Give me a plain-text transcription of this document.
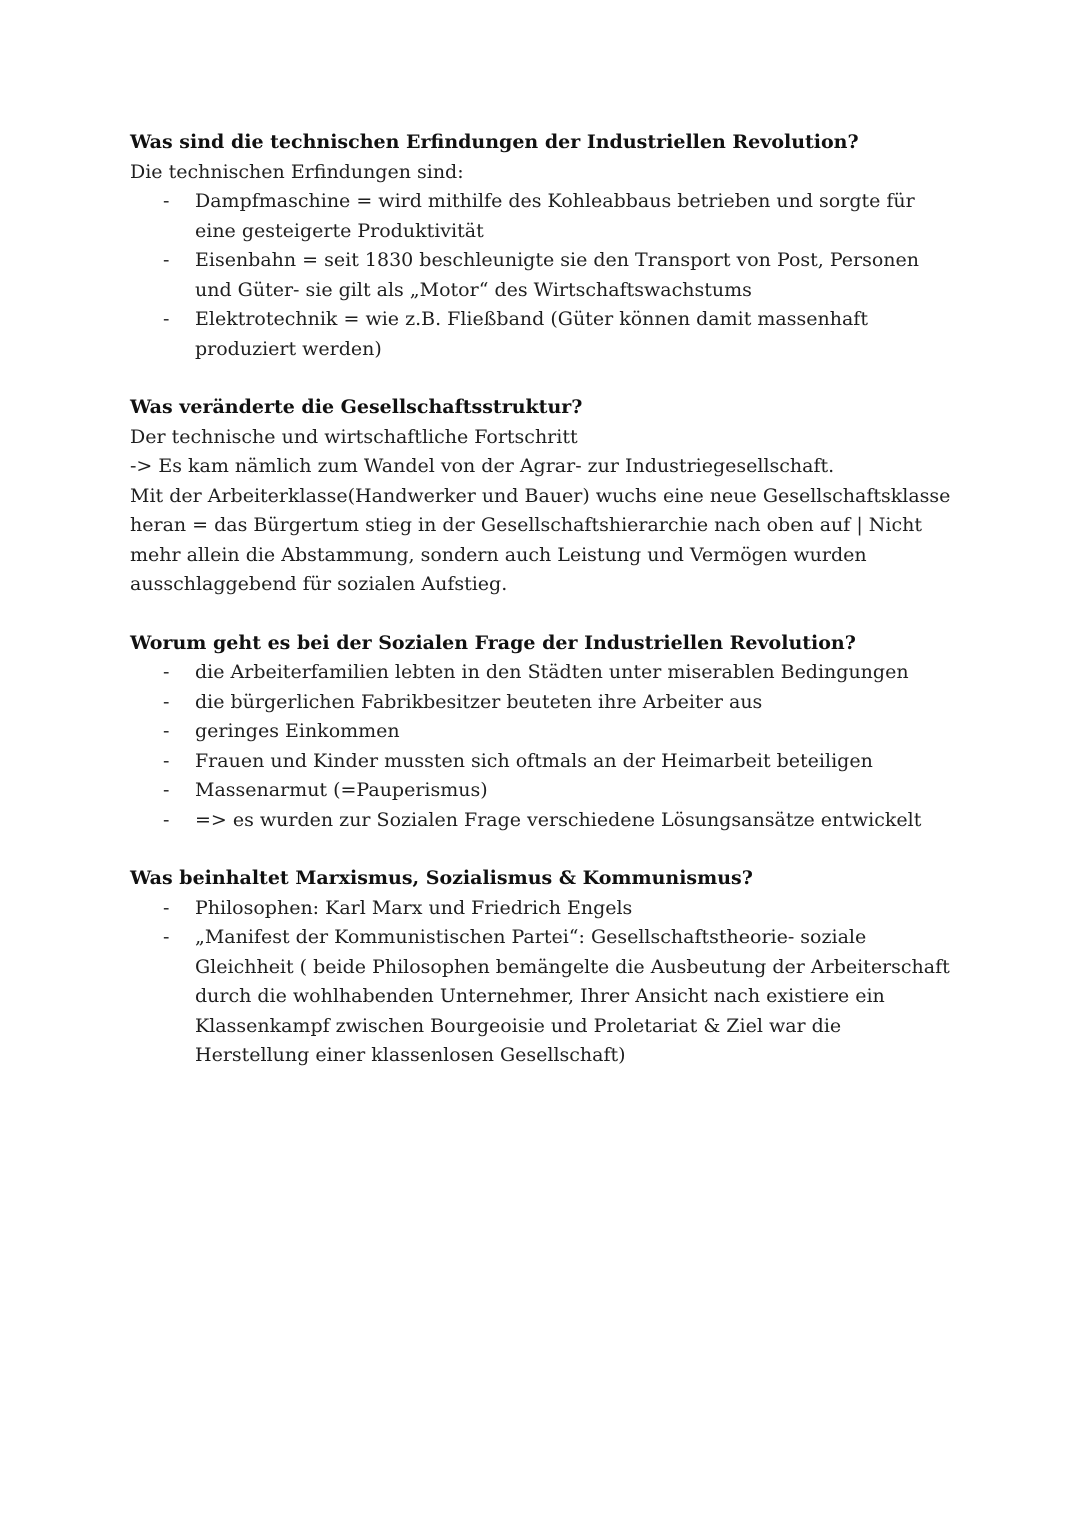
Was sind die technischen Erfindungen der Industriellen Revolution?

Die technischen Erfindungen sind:

- Dampfmaschine = wird mithilfe des Kohleabbaus betrieben und sorgte für eine gesteigerte Produktivität
- Eisenbahn = seit 1830 beschleunigte sie den Transport von Post, Personen und Güter- sie gilt als „Motor“ des Wirtschaftswachstums
- Elektrotechnik = wie z.B. Fließband (Güter können damit massenhaft produziert werden)

Was veränderte die Gesellschaftsstruktur?

Der technische und wirtschaftliche Fortschritt

-> Es kam nämlich zum Wandel von der Agrar- zur Industriegesellschaft.

Mit der Arbeiterklasse(Handwerker und Bauer) wuchs eine neue Gesellschaftsklasse heran = das Bürgertum stieg in der Gesellschaftshierarchie nach oben auf | Nicht mehr allein die Abstammung, sondern auch Leistung und Vermögen wurden ausschlaggebend für sozialen Aufstieg.

Worum geht es bei der Sozialen Frage der Industriellen Revolution?

- die Arbeiterfamilien lebten in den Städten unter miserablen Bedingungen
- die bürgerlichen Fabrikbesitzer beuteten ihre Arbeiter aus
- geringes Einkommen
- Frauen und Kinder mussten sich oftmals an der Heimarbeit beteiligen
- Massenarmut (=Pauperismus)
- => es wurden zur Sozialen Frage verschiedene Lösungsansätze entwickelt

Was beinhaltet Marxismus, Sozialismus & Kommunismus?

- Philosophen: Karl Marx und Friedrich Engels
- „Manifest der Kommunistischen Partei“: Gesellschaftstheorie- soziale Gleichheit ( beide Philosophen bemängelte die Ausbeutung der Arbeiterschaft durch die wohlhabenden Unternehmer, Ihrer Ansicht nach existiere ein Klassenkampf zwischen Bourgeoisie und Proletariat & Ziel war die Herstellung einer klassenlosen Gesellschaft)
